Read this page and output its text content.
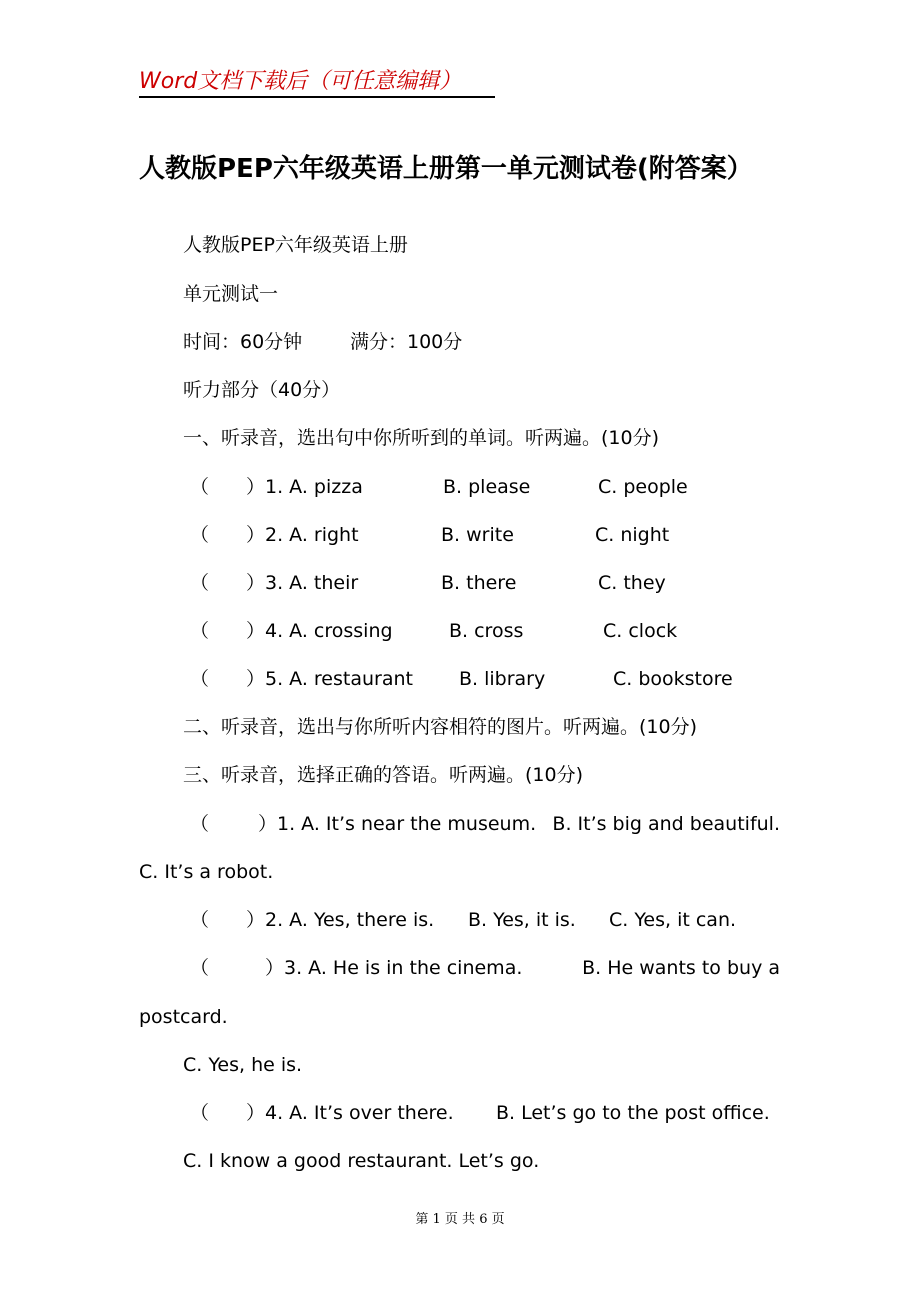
Word文档下载后（可任意编辑）
人教版PEP六年级英语上册第一单元测试卷(附答案）
人教版PEP六年级英语上册
单元测试一
时间：60分钟	满分：100分
听力部分（40分）
一、听录音，选出句中你所听到的单词。听两遍。(10分)
（ ）1. A. pizza	B. please	C. people
（ ）2. A. right	B. write	C. night
（ ）3. A. their	B. there	C. they
（ ）4. A. crossing	B. cross	C. clock
（ ）5. A. restaurant B. library	C. bookstore
二、听录音，选出与你所听内容相符的图片。听两遍。(10分)
三、听录音，选择正确的答语。听两遍。(10分)
（	）1. A. It’s near the museum. B. It’s big and beautiful.
C. It’s a robot.
（ ）2. A. Yes, there is. B. Yes, it is. C. Yes, it can.
（	）3. A. He is in the cinema.	B. He wants to buy a
postcard.
C. Yes, he is.
（ ）4. A. It’s over there. B. Let’s go to the post office.
C. I know a good restaurant. Let’s go.
第 1 页 共 6 页
